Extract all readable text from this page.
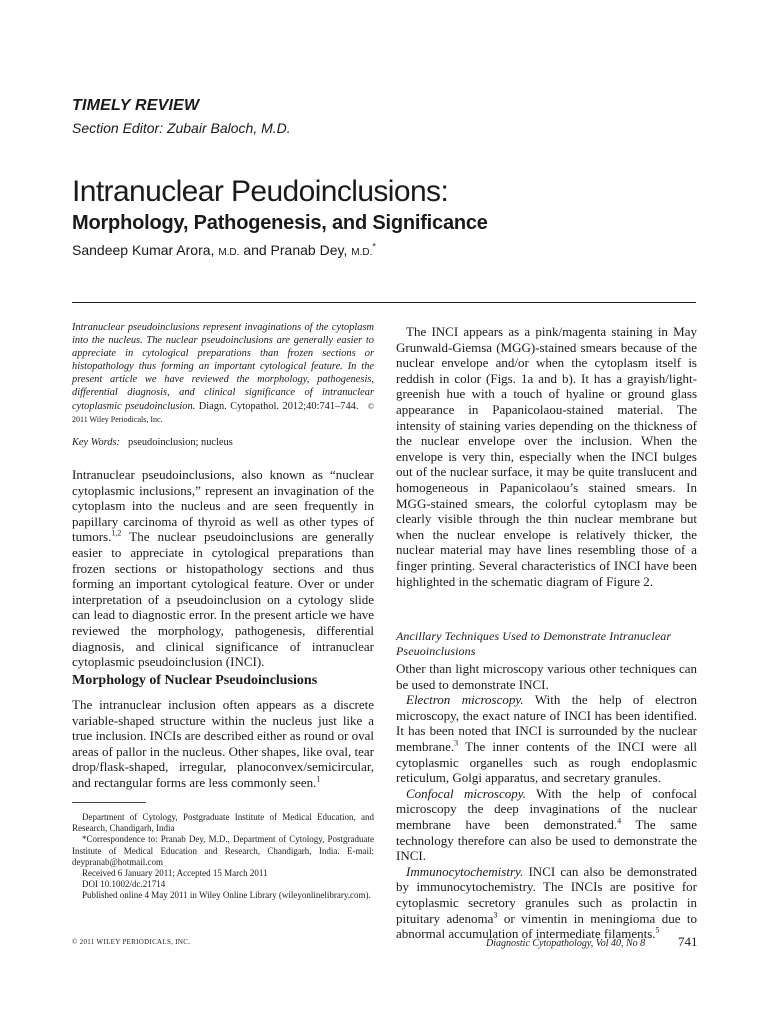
TIMELY REVIEW
Section Editor: Zubair Baloch, M.D.
Intranuclear Peudoinclusions:
Morphology, Pathogenesis, and Significance
Sandeep Kumar Arora, M.D. and Pranab Dey, M.D.*
Intranuclear pseudoinclusions represent invaginations of the cytoplasm into the nucleus. The nuclear pseudoinclusions are generally easier to appreciate in cytological preparations than frozen sections or histopathology thus forming an important cytological feature. In the present article we have reviewed the morphology, pathogenesis, differential diagnosis, and clinical significance of intranuclear cytoplasmic pseudoinclusion. Diagn. Cytopathol. 2012;40:741–744. © 2011 Wiley Periodicals, Inc.
Key Words: pseudoinclusion; nucleus

Intranuclear pseudoinclusions, also known as “nuclear cytoplasmic inclusions,” represent an invagination of the cytoplasm into the nucleus and are seen frequently in papillary carcinoma of thyroid as well as other types of tumors.$^{1,2}$ The nuclear pseudoinclusions are generally easier to appreciate in cytological preparations than frozen sections or histopathology sections and thus forming an important cytological feature. Over or under interpretation of a pseudoinclusion on a cytology slide can lead to diagnostic error. In the present article we have reviewed the morphology, pathogenesis, differential diagnosis, and clinical significance of intranuclear cytoplasmic pseudoinclusion (INCI).

Morphology of Nuclear Pseudoinclusions

The intranuclear inclusion often appears as a discrete variable-shaped structure within the nucleus just like a true inclusion. INCIs are described either as round or oval areas of pallor in the nucleus. Other shapes, like oval, tear drop/flask-shaped, irregular, planoconvex/semicircular, and rectangular forms are less commonly seen.$^1$

Department of Cytology, Postgraduate Institute of Medical Education, and Research, Chandigarh, India

*Correspondence to: Pranab Dey, M.D., Department of Cytology, Postgraduate Institute of Medical Education and Research, Chandigarh, India. E-mail: deypranab@hotmail.com

Received 6 January 2011; Accepted 15 March 2011

DOI 10.1002/dc.21714

Published online 4 May 2011 in Wiley Online Library (wileyonlinelibrary.com).

The INCI appears as a pink/magenta staining in May Grunwald-Giemsa (MGG)-stained smears because of the nuclear envelope and/or when the cytoplasm itself is reddish in color (Figs. 1a and b). It has a grayish/light-greenish hue with a touch of hyaline or ground glass appearance in Papanicolaou-stained material. The intensity of staining varies depending on the thickness of the nuclear envelope over the inclusion. When the envelope is very thin, especially when the INCI bulges out of the nuclear surface, it may be quite translucent and homogeneous in Papanicolaou’s stained smears. In MGG-stained smears, the colorful cytoplasm may be clearly visible through the thin nuclear membrane but when the nuclear envelope is relatively thicker, the nuclear material may have lines resembling those of a finger printing. Several characteristics of INCI have been highlighted in the schematic diagram of Figure 2.

Ancillary Techniques Used to Demonstrate Intranuclear Pseuoinclusions

Other than light microscopy various other techniques can be used to demonstrate INCI.

Electron microscopy. With the help of electron microscopy, the exact nature of INCI has been identified. It has been noted that INCI is surrounded by the nuclear membrane.$^3$ The inner contents of the INCI were all cytoplasmic organelles such as rough endoplasmic reticulum, Golgi apparatus, and secretary granules.

Confocal microscopy. With the help of confocal microscopy the deep invaginations of the nuclear membrane have been demonstrated.$^4$ The same technology therefore can also be used to demonstrate the INCI.

Immunocytochemistry. INCI can also be demonstrated by immunocytochemistry. The INCIs are positive for cytoplasmic secretory granules such as prolactin in pituitary adenoma$^3$ or vimentin in meningioma due to abnormal accumulation of intermediate filaments.$^5$

© 2011 WILEY PERIODICALS, INC.	Diagnostic Cytopathology, Vol 40, No 8	741
